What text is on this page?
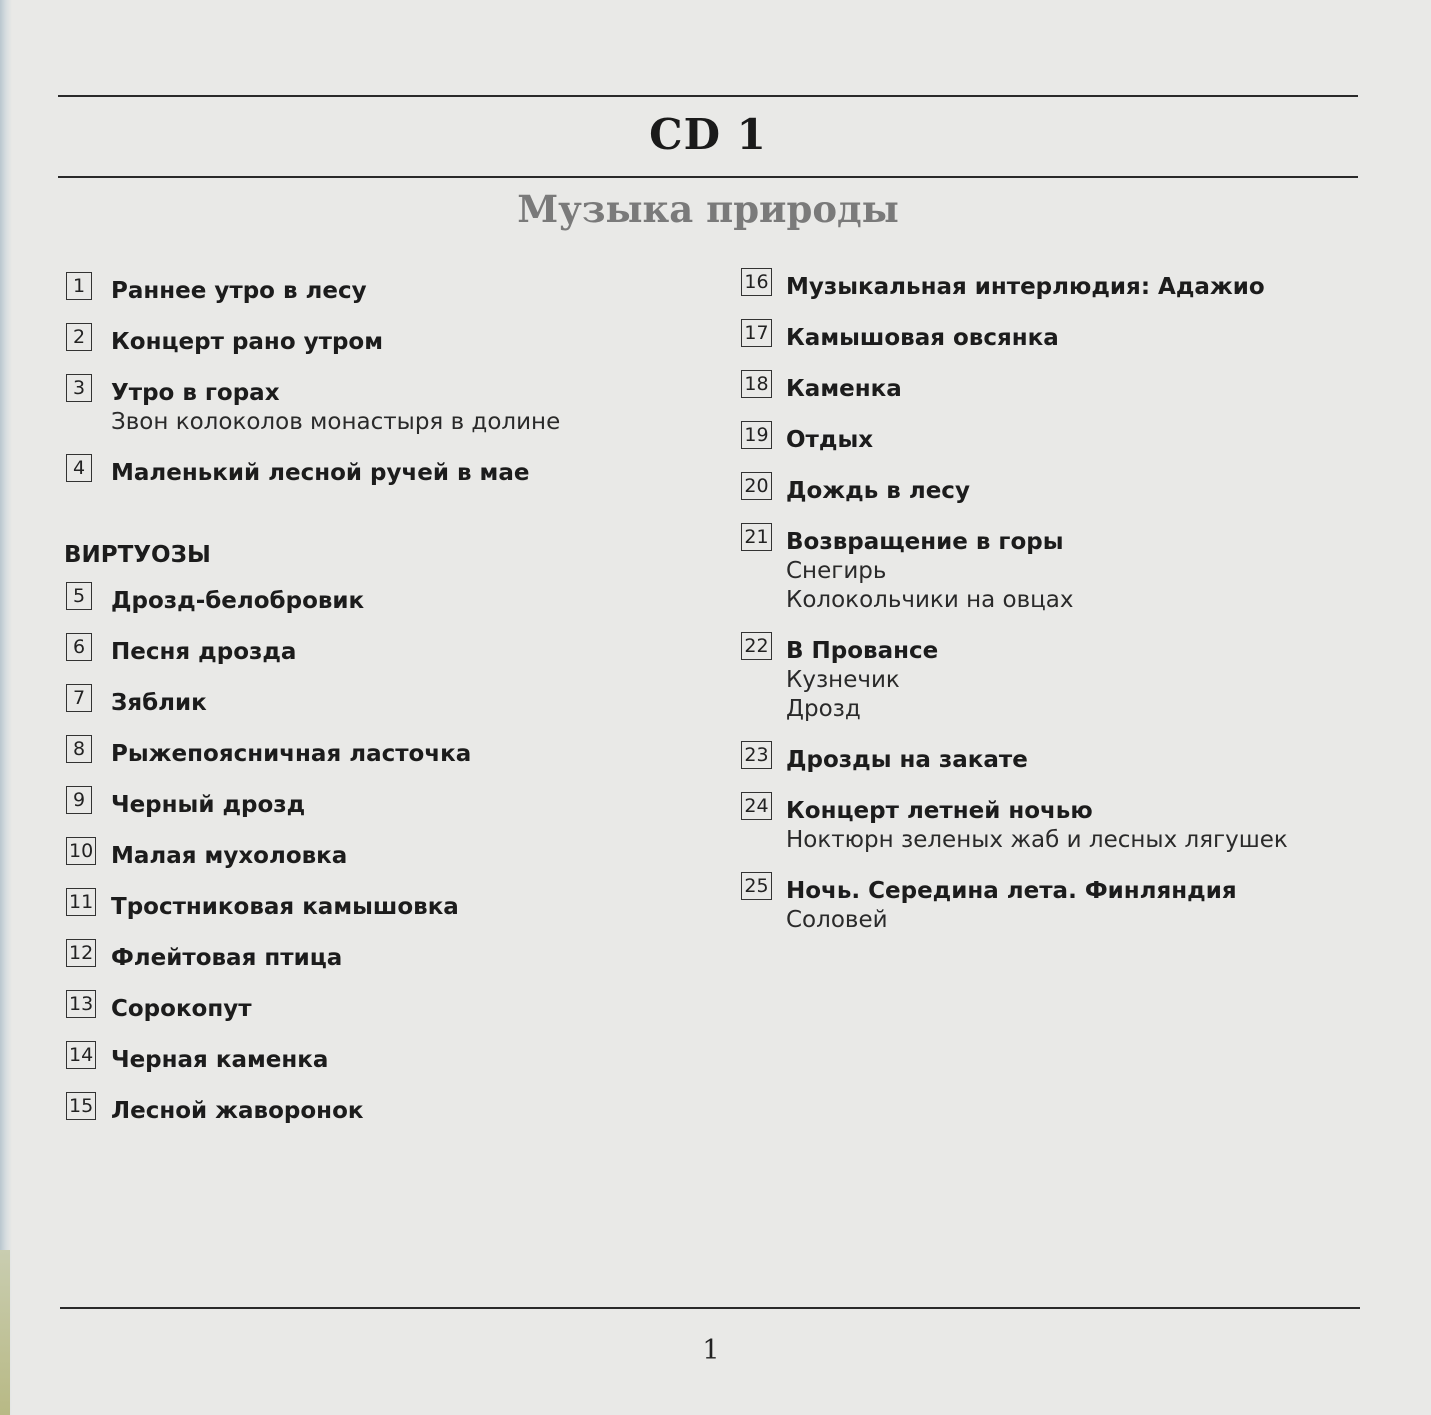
CD 1
Музыка природы
1	Раннее утро в лесу
2	Концерт рано утром
3	Утро в горах
Звон колоколов монастыря в долине
4	Маленький лесной ручей в мае
ВИРТУОЗЫ
5	Дрозд-белобровик
6	Песня дрозда
7	Зяблик
8	Рыжепоясничная ласточка
9	Черный дрозд
10 Малая мухоловка
11 Тростниковая камышовка
12 Флейтовая птица
13 Сорокопут
14 Черная каменка
15 Лесной жаворонок
16 Музыкальная интерлюдия: Адажио
17 Камышовая овсянка
18 Каменка
19 Отдых
20 Дождь в лесу
21 Возвращение в горы
Снегирь
Колокольчики на овцах
22 В Провансе
Кузнечик
Дрозд
23 Дрозды на закате
24 Концерт летней ночью
Ноктюрн зеленых жаб и лесных лягушек
25 Ночь. Середина лета. Финляндия
Соловей
1
